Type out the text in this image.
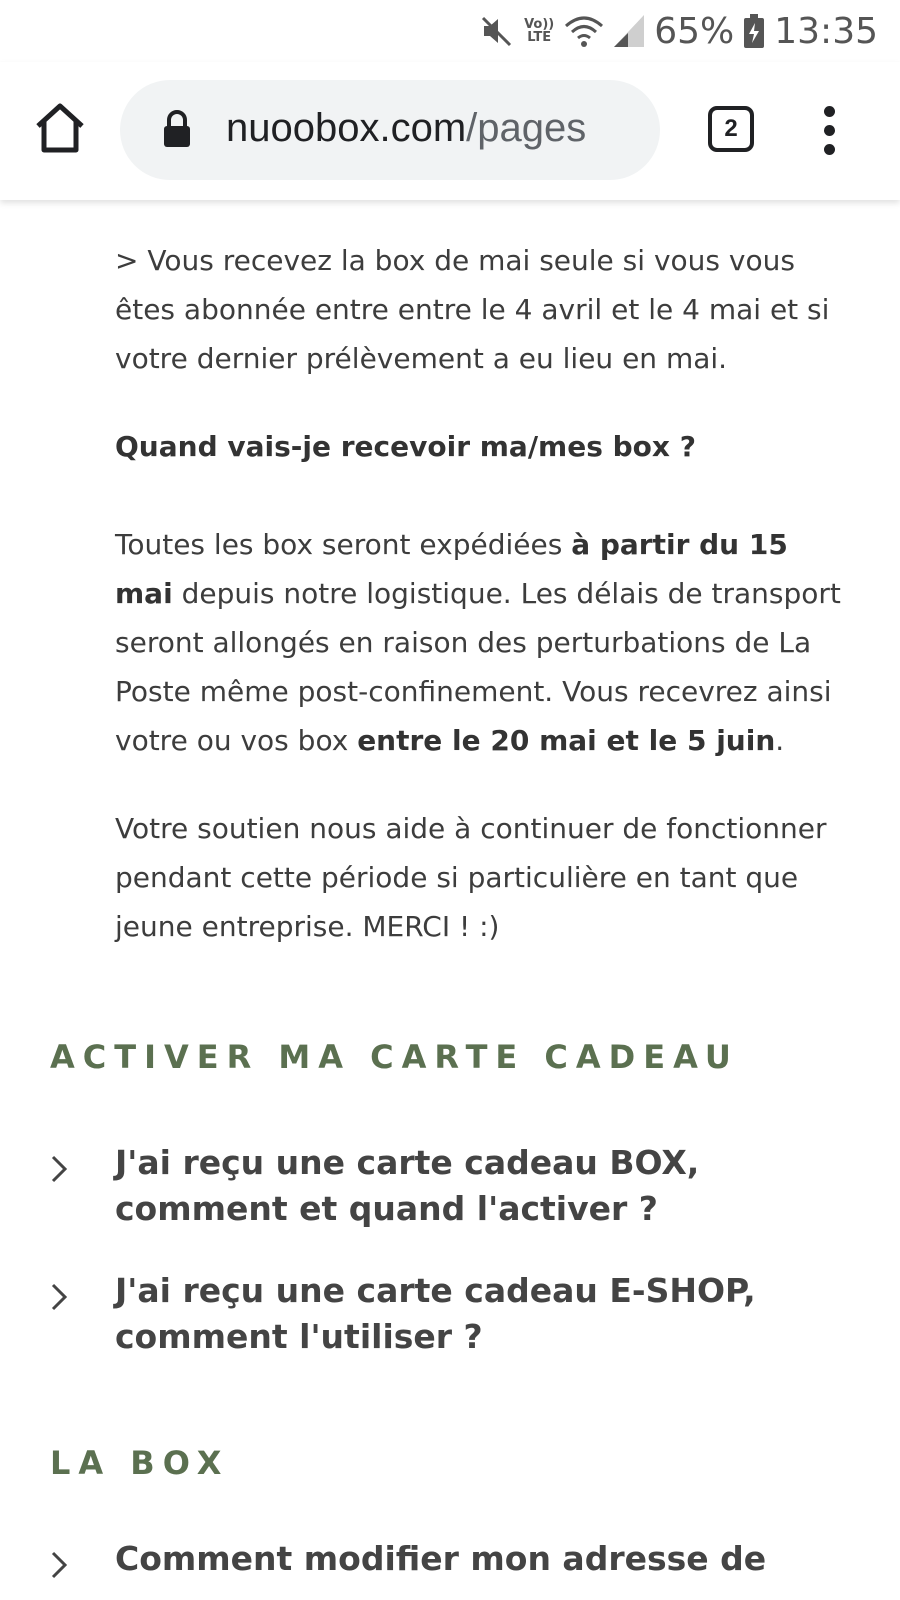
Vo))
LTE	65% 13:35
nuoobox.com/pages	2

> Vous recevez la box de mai seule si vous vous êtes abonnée entre entre le 4 avril et le 4 mai et si votre dernier prélèvement a eu lieu en mai.

Quand vais-je recevoir ma/mes box ?

Toutes les box seront expédiées à partir du 15 mai depuis notre logistique. Les délais de transport seront allongés en raison des perturbations de La Poste même post-confinement. Vous recevrez ainsi votre ou vos box entre le 20 mai et le 5 juin.

Votre soutien nous aide à continuer de fonctionner pendant cette période si particulière en tant que jeune entreprise. MERCI ! :)

ACTIVER MA CARTE CADEAU
J'ai reçu une carte cadeau BOX, comment et quand l'activer ?
J'ai reçu une carte cadeau E-SHOP, comment l'utiliser ?
LA BOX
Comment modifier mon adresse de
